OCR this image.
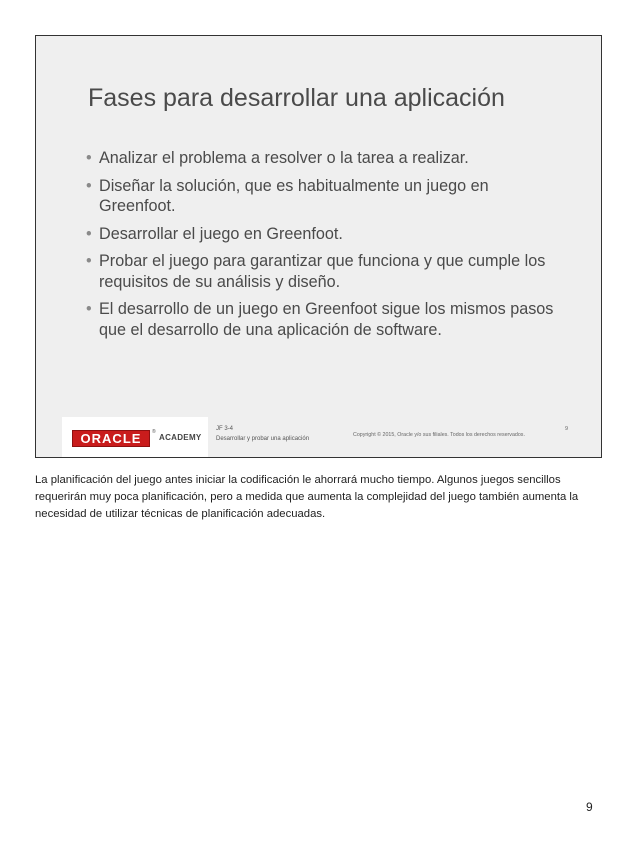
Fases para desarrollar una aplicación
• Analizar el problema a resolver o la tarea a realizar.
• Diseñar la solución, que es habitualmente un juego en Greenfoot.
• Desarrollar el juego en Greenfoot.
• Probar el juego para garantizar que funciona y que cumple los requisitos de su análisis y diseño.
• El desarrollo de un juego en Greenfoot sigue los mismos pasos que el desarrollo de una aplicación de software.
ORACLE	®
ACADEMY
JF 3-4
Desarrollar y probar una aplicación
Copyright © 2015, Oracle y/o sus filiales. Todos los derechos reservados.
9
La planificación del juego antes iniciar la codificación le ahorrará mucho tiempo. Algunos juegos sencillos requerirán muy poca planificación, pero a medida que aumenta la complejidad del juego también aumenta la necesidad de utilizar técnicas de planificación adecuadas.
9
